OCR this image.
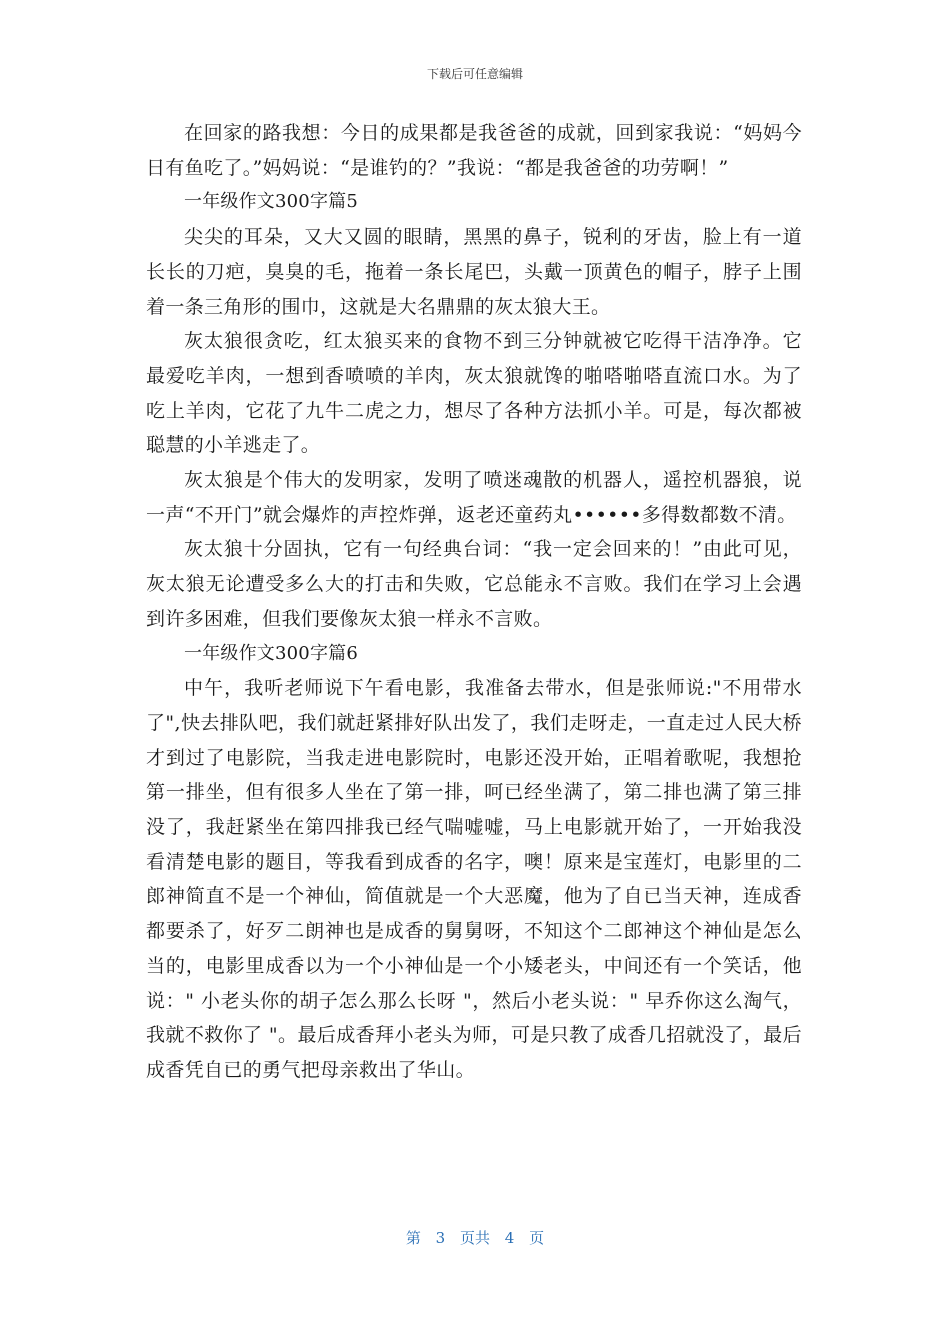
下载后可任意编辑

在回家的路我想：今日的成果都是我爸爸的成就，回到家我说：“妈妈今日有鱼吃了。”妈妈说：“是谁钓的？”我说：“都是我爸爸的功劳啊！”

一年级作文300字篇5

尖尖的耳朵，又大又圆的眼睛，黑黑的鼻子，锐利的牙齿，脸上有一道长长的刀疤，臭臭的毛，拖着一条长尾巴，头戴一顶黄色的帽子，脖子上围着一条三角形的围巾，这就是大名鼎鼎的灰太狼大王。

灰太狼很贪吃，红太狼买来的食物不到三分钟就被它吃得干洁净净。它最爱吃羊肉，一想到香喷喷的羊肉，灰太狼就馋的啪嗒啪嗒直流口水。为了吃上羊肉，它花了九牛二虎之力，想尽了各种方法抓小羊。可是，每次都被聪慧的小羊逃走了。

灰太狼是个伟大的发明家，发明了喷迷魂散的机器人，遥控机器狼，说一声“不开门”就会爆炸的声控炸弹，返老还童药丸••••••多得数都数不清。

灰太狼十分固执，它有一句经典台词：“我一定会回来的！”由此可见，灰太狼无论遭受多么大的打击和失败，它总能永不言败。我们在学习上会遇到许多困难，但我们要像灰太狼一样永不言败。

一年级作文300字篇6

中午，我听老师说下午看电影，我准备去带水，但是张师说:"不用带水了",快去排队吧，我们就赶紧排好队出发了，我们走呀走，一直走过人民大桥才到过了电影院，当我走进电影院时，电影还没开始，正唱着歌呢，我想抢第一排坐，但有很多人坐在了第一排，呵已经坐满了，第二排也满了第三排没了，我赶紧坐在第四排我已经气喘嘘嘘，马上电影就开始了，一开始我没看清楚电影的题目，等我看到成香的名字，噢！原来是宝莲灯，电影里的二郎神简直不是一个神仙，简值就是一个大恶魔，他为了自已当天神，连成香都要杀了，好歹二朗神也是成香的舅舅呀，不知这个二郎神这个神仙是怎么当的，电影里成香以为一个小神仙是一个小矮老头，中间还有一个笑话，他说：" 小老头你的胡子怎么那么长呀 "，然后小老头说：" 早乔你这么淘气，我就不救你了 "。最后成香拜小老头为师，可是只教了成香几招就没了，最后成香凭自已的勇气把母亲救出了华山。

第 3 页共 4 页
